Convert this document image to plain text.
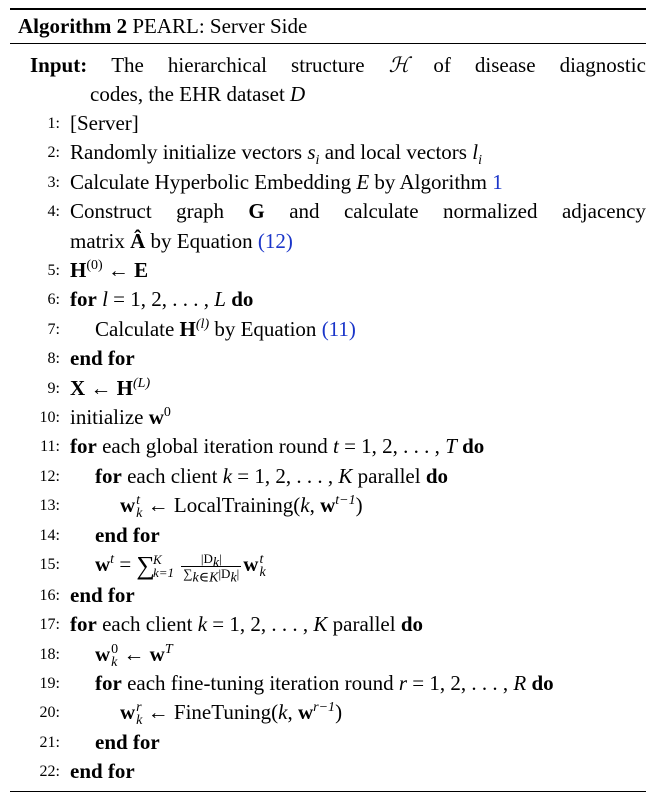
Algorithm 2 PEARL: Server Side
Input: The hierarchical structure ℋ of disease diagnostic
codes, the EHR dataset D
1: [Server]
2: Randomly initialize vectors $s_i$ and local vectors $l_i$
3: Calculate Hyperbolic Embedding E by Algorithm 1
4: Construct graph G and calculate normalized adjacency
matrix Â by Equation (12)
5: $H^{(0)}$ ← E
6: for l = 1, 2, . . . , L do
7: Calculate $H^{(l)}$ by Equation (11)
8: end for
9: X ← $H^{(L)}$
10: initialize $w^0$
11: for each global iteration round t = 1, 2, . . . , T do
12: for each client k = 1, 2, . . . , K parallel do
13:	w t
k ← LocalTraining(k, $w^{t-1}$)
14: end for
15: $w^t$ = ∑
K
k=1
$\frac{|D_k|}{\sum_{k\in K}|D_k|}$ w t
k
16: end for
17: for each client k = 1, 2, . . . , K parallel do
18: w 0
k ← $w^T$
19: for each fine-tuning iteration round r = 1, 2, . . . , R do
20:	w r
k ← FineTuning(k, $w^{r-1}$)
21: end for
22: end for
